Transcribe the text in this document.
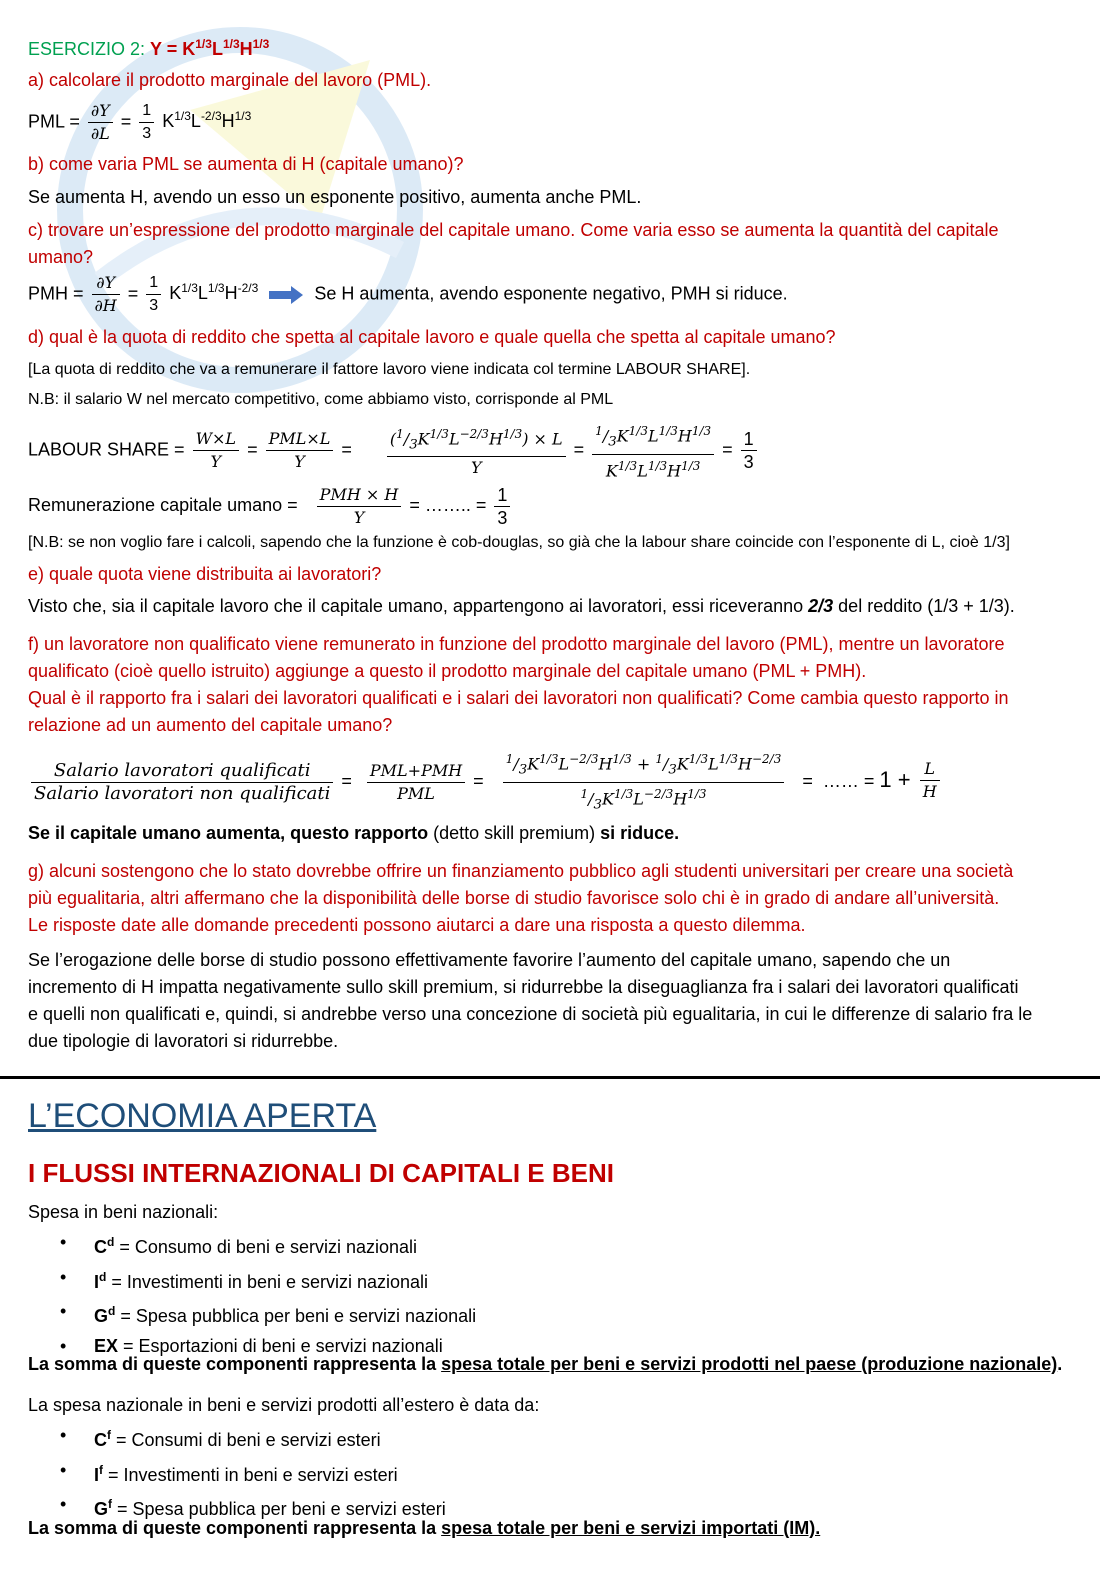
ESERCIZIO 2: $Y = K^{1/3}L^{1/3}H^{1/3}$
a) calcolare il prodotto marginale del lavoro (PML).
PML = $\frac{\partial Y}{\partial L} = \frac{1}{3} K^{1/3}L^{-2/3}H^{1/3}$
b) come varia PML se aumenta di H (capitale umano)?
Se aumenta H, avendo un esso un esponente positivo, aumenta anche PML.
c) trovare un’espressione del prodotto marginale del capitale umano. Come varia esso se aumenta la quantità del capitale
umano?
PMH = $\frac{\partial Y}{\partial H} = \frac{1}{3} K^{1/3}L^{1/3}H^{-2/3}$	Se H aumenta, avendo esponente negativo, PMH si riduce.
d) qual è la quota di reddito che spetta al capitale lavoro e quale quella che spetta al capitale umano?
[La quota di reddito che va a remunerare il fattore lavoro viene indicata col termine LABOUR SHARE].
N.B: il salario W nel mercato competitivo, come abbiamo visto, corrisponde al PML
LABOUR SHARE = $\frac{W\times L}{Y} = \frac{\text{PML×L}}{Y} = \frac{(^1/_3K^{1/3}L^{-2/3}H^{1/3}) \times L}{Y} = \frac{^1/_3K^{1/3}L^{1/3}H^{1/3}}{K^{1/3}L^{1/3}H^{1/3}} = \frac{1}{3}$
Remunerazione capitale umano = $\frac{\text{PMH × H}}{Y}$ = …….. = $\frac{1}{3}$
[N.B: se non voglio fare i calcoli, sapendo che la funzione è cob-douglas, so già che la labour share coincide con l’esponente di L, cioè 1/3]
e) quale quota viene distribuita ai lavoratori?
Visto che, sia il capitale lavoro che il capitale umano, appartengono ai lavoratori, essi riceveranno 2/3 del reddito (1/3 + 1/3).
f) un lavoratore non qualificato viene remunerato in funzione del prodotto marginale del lavoro (PML), mentre un lavoratore
qualificato (cioè quello istruito) aggiunge a questo il prodotto marginale del capitale umano (PML + PMH).
Qual è il rapporto fra i salari dei lavoratori qualificati e i salari dei lavoratori non qualificati? Come cambia questo rapporto in
relazione ad un aumento del capitale umano?
$\frac{\text{Salario lavoratori qualificati}}{\text{Salario lavoratori non qualificati}} = \frac{\text{PML+PMH}}{\text{PML}} = \frac{^1/_3K^{1/3}L^{-2/3}H^{1/3} + ^1/_3K^{1/3}L^{1/3}H^{-2/3}}{^1/_3K^{1/3}L^{-2/3}H^{1/3}}$ =  …… = $1 + \frac{L}{H}$
Se il capitale umano aumenta, questo rapporto (detto skill premium) si riduce.
g) alcuni sostengono che lo stato dovrebbe offrire un finanziamento pubblico agli studenti universitari per creare una società
più egualitaria, altri affermano che la disponibilità delle borse di studio favorisce solo chi è in grado di andare all’università.
Le risposte date alle domande precedenti possono aiutarci a dare una risposta a questo dilemma.
Se l’erogazione delle borse di studio possono effettivamente favorire l’aumento del capitale umano, sapendo che un
incremento di H impatta negativamente sullo skill premium, si ridurrebbe la diseguaglianza fra i salari dei lavoratori qualificati
e quelli non qualificati e, quindi, si andrebbe verso una concezione di società più egualitaria, in cui le differenze di salario fra le
due tipologie di lavoratori si ridurrebbe.
L’ECONOMIA APERTA
I FLUSSI INTERNAZIONALI DI CAPITALI E BENI
Spesa in beni nazionali:
• $C^d$ = Consumo di beni e servizi nazionali
• $I^d$ = Investimenti in beni e servizi nazionali
• $G^d$ = Spesa pubblica per beni e servizi nazionali
• EX = Esportazioni di beni e servizi nazionali
La somma di queste componenti rappresenta la spesa totale per beni e servizi prodotti nel paese (produzione nazionale).
La spesa nazionale in beni e servizi prodotti all’estero è data da:
• $C^f$ = Consumi di beni e servizi esteri
• $I^f$ = Investimenti in beni e servizi esteri
• $G^f$ = Spesa pubblica per beni e servizi esteri
La somma di queste componenti rappresenta la spesa totale per beni e servizi importati (IM).
